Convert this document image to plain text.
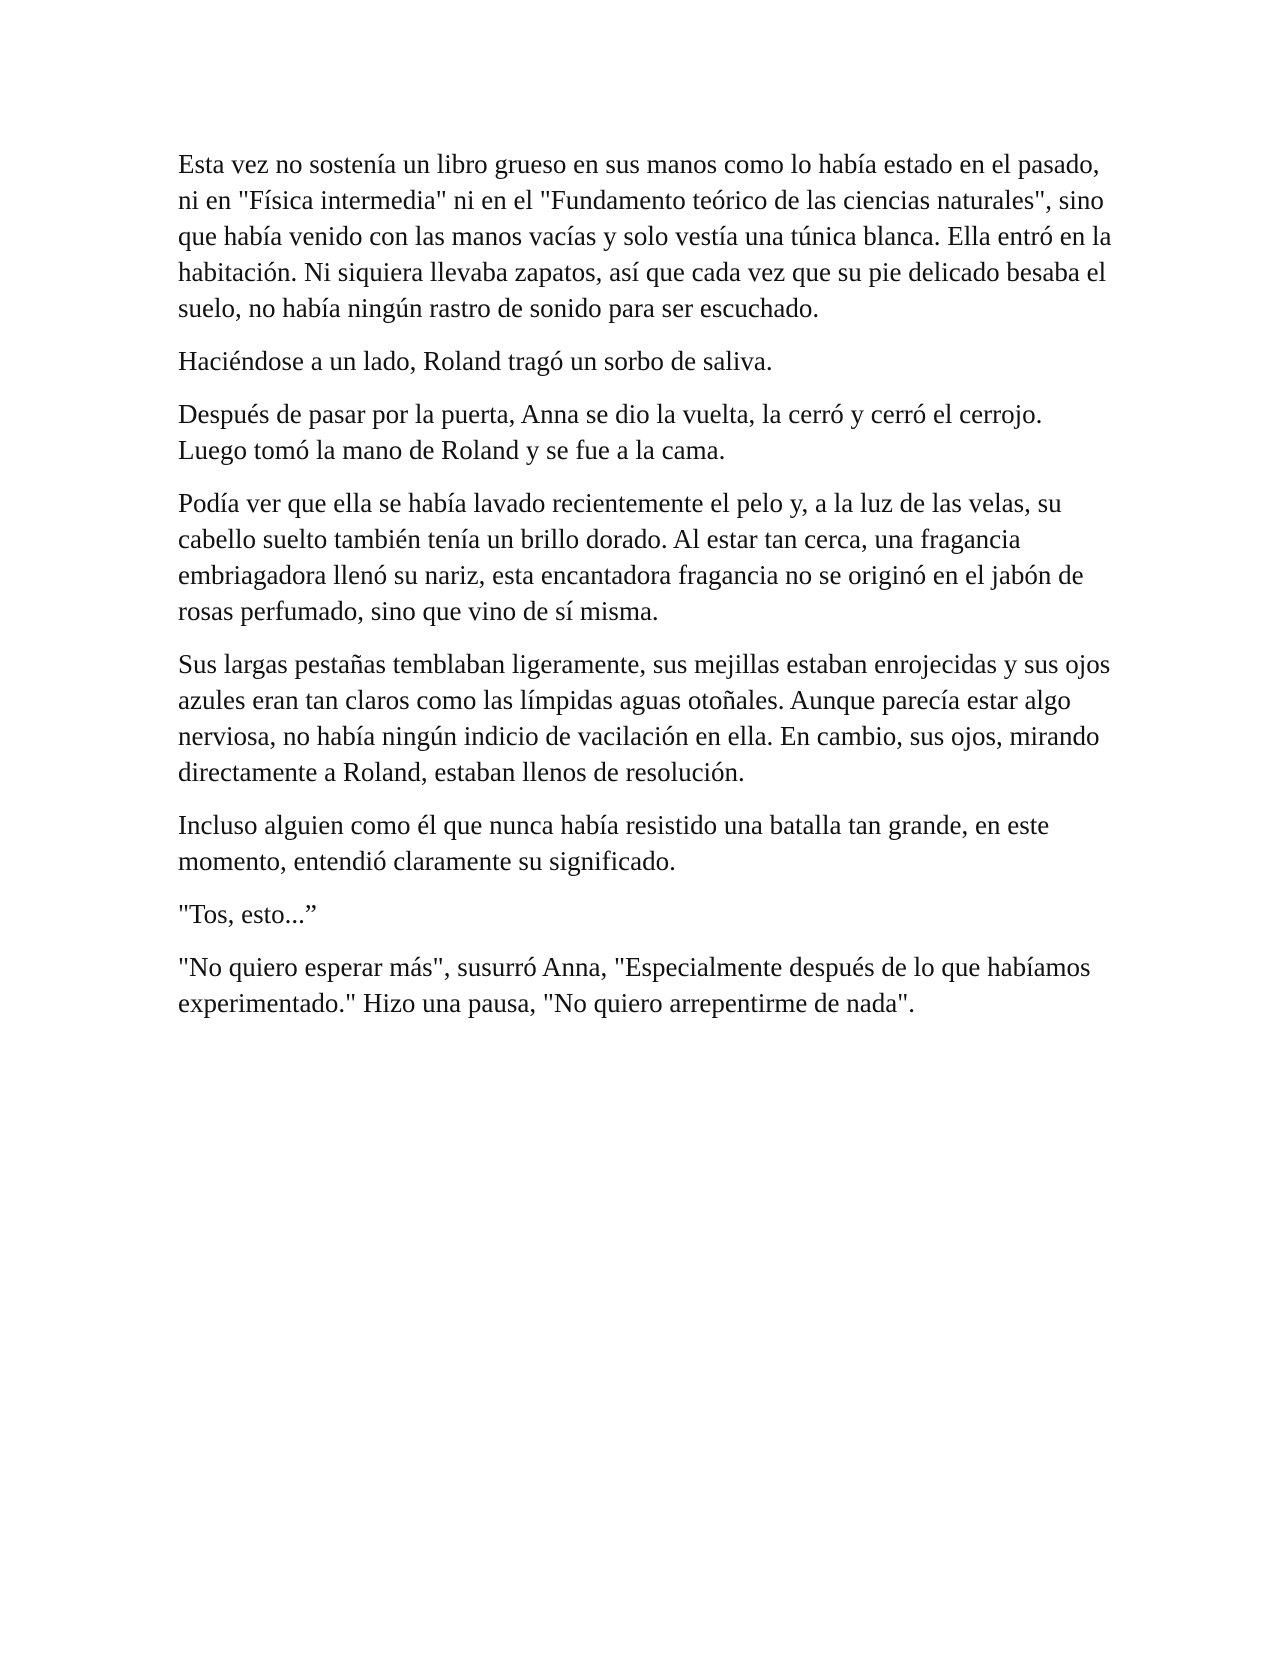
Esta vez no sostenía un libro grueso en sus manos como lo había estado en el pasado, ni en "Física intermedia" ni en el "Fundamento teórico de las ciencias naturales", sino que había venido con las manos vacías y solo vestía una túnica blanca. Ella entró en la habitación. Ni siquiera llevaba zapatos, así que cada vez que su pie delicado besaba el suelo, no había ningún rastro de sonido para ser escuchado.

Haciéndose a un lado, Roland tragó un sorbo de saliva.

Después de pasar por la puerta, Anna se dio la vuelta, la cerró y cerró el cerrojo. Luego tomó la mano de Roland y se fue a la cama.

Podía ver que ella se había lavado recientemente el pelo y, a la luz de las velas, su cabello suelto también tenía un brillo dorado. Al estar tan cerca, una fragancia embriagadora llenó su nariz, esta encantadora fragancia no se originó en el jabón de rosas perfumado, sino que vino de sí misma.

Sus largas pestañas temblaban ligeramente, sus mejillas estaban enrojecidas y sus ojos azules eran tan claros como las límpidas aguas otoñales. Aunque parecía estar algo nerviosa, no había ningún indicio de vacilación en ella. En cambio, sus ojos, mirando directamente a Roland, estaban llenos de resolución.

Incluso alguien como él que nunca había resistido una batalla tan grande, en este momento, entendió claramente su significado.

"Tos, esto...”

"No quiero esperar más", susurró Anna, "Especialmente después de lo que habíamos experimentado." Hizo una pausa, "No quiero arrepentirme de nada".
